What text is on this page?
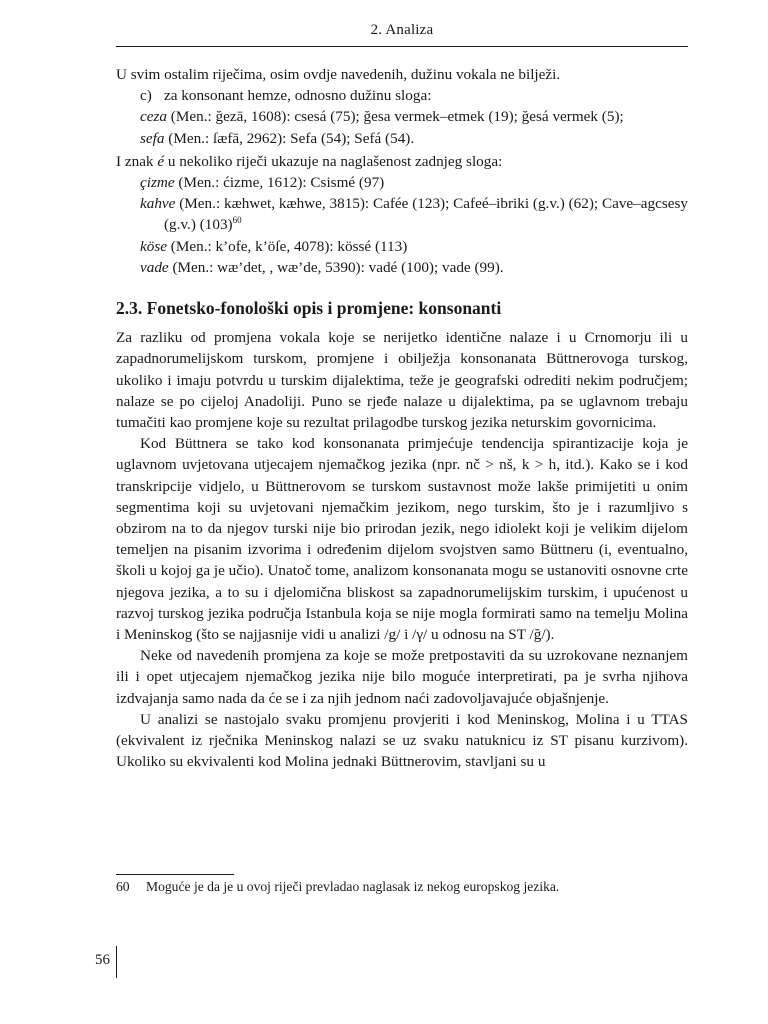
2. Analiza

U svim ostalim riječima, osim ovdje navedenih, dužinu vokala ne bilježi.

c) za konsonant hemze, odnosno dužinu sloga:

ceza (Men.: ğezā, 1608): csesá (75); ğesa vermek–etmek (19); ğesá vermek (5);

sefa (Men.: ſæfā, 2962): Sefa (54); Sefá (54).

I znak é u nekoliko riječi ukazuje na naglašenost zadnjeg sloga:

çizme (Men.: ćizme, 1612): Csismé (97)

kahve (Men.: kæhwet, kæhwe, 3815): Cafée (123); Cafeé–ibriki (g.v.) (62); Cave–agcsesy (g.v.) $(103)^{60}$

köse (Men.: k’ofe, k’öſe, 4078): kössé (113)

vade (Men.: wæ’det, , wæ’de, 5390): vadé (100); vade (99).

2.3. Fonetsko-fonološki opis i promjene: konsonanti

Za razliku od promjena vokala koje se nerijetko identične nalaze i u Crnomorju ili u zapadnorumelijskom turskom, promjene i obilježja konsonanata Büttnerovoga turskog, ukoliko i imaju potvrdu u turskim dijalektima, teže je geografski odrediti nekim područjem; nalaze se po cijeloj Anadoliji. Puno se rjeđe nalaze u dijalektima, pa se uglavnom trebaju tumačiti kao promjene koje su rezultat prilagodbe turskog jezika neturskim govornicima.

Kod Büttnera se tako kod konsonanata primjećuje tendencija spirantizacije koja je uglavnom uvjetovana utjecajem njemačkog jezika (npr. nč > nš, k > h, itd.). Kako se i kod transkripcije vidjelo, u Büttnerovom se turskom sustavnost može lakše primijetiti u onim segmentima koji su uvjetovani njemačkim jezikom, nego turskim, što je i razumljivo s obzirom na to da njegov turski nije bio prirodan jezik, nego idiolekt koji je velikim dijelom temeljen na pisanim izvorima i određenim dijelom svojstven samo Büttneru (i, eventualno, školi u kojoj ga je učio). Unatoč tome, analizom konsonanata mogu se ustanoviti osnovne crte njegova jezika, a to su i djelomična bliskost sa zapadnorumelijskim turskim, i upućenost u razvoj turskog jezika područja Istanbula koja se nije mogla formirati samo na temelju Molina i Meninskog (što se najjasnije vidi u analizi /g/ i /γ/ u odnosu na ST /ğ/).

Neke od navedenih promjena za koje se može pretpostaviti da su uzrokovane neznanjem ili i opet utjecajem njemačkog jezika nije bilo moguće interpretirati, pa je svrha njihova izdvajanja samo nada da će se i za njih jednom naći zadovoljavajuće objašnjenje.

U analizi se nastojalo svaku promjenu provjeriti i kod Meninskog, Molina i u TTAS (ekvivalent iz rječnika Meninskog nalazi se uz svaku natuknicu iz ST pisanu kurzivom). Ukoliko su ekvivalenti kod Molina jednaki Büttnerovim, stavljani su u

60 Moguće je da je u ovoj riječi prevladao naglasak iz nekog europskog jezika.
56
